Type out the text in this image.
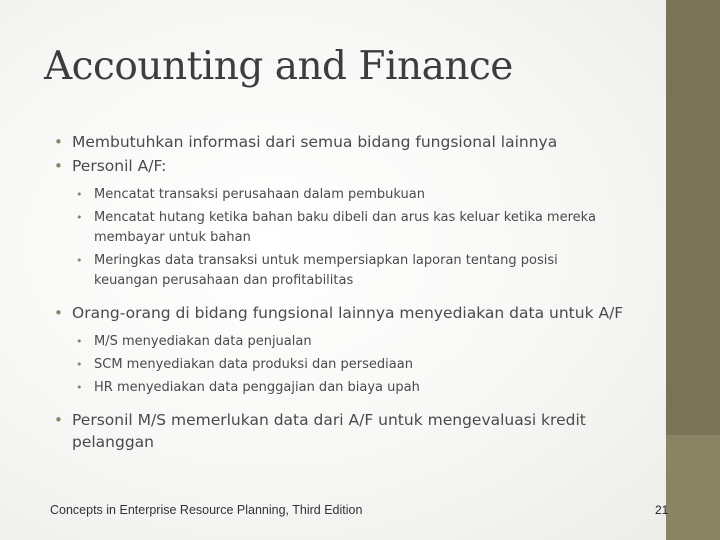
Accounting and Finance
• Membutuhkan informasi dari semua bidang fungsional lainnya
• Personil A/F:
• Mencatat transaksi perusahaan dalam pembukuan
• Mencatat hutang ketika bahan baku dibeli dan arus kas keluar ketika mereka membayar untuk bahan
• Meringkas data transaksi untuk mempersiapkan laporan tentang posisi keuangan perusahaan dan profitabilitas
• Orang-orang di bidang fungsional lainnya menyediakan data untuk A/F
• M/S menyediakan data penjualan
• SCM menyediakan data produksi dan persediaan
• HR menyediakan data penggajian dan biaya upah
• Personil M/S memerlukan data dari A/F untuk mengevaluasi kredit pelanggan
Concepts in Enterprise Resource Planning, Third Edition	21
